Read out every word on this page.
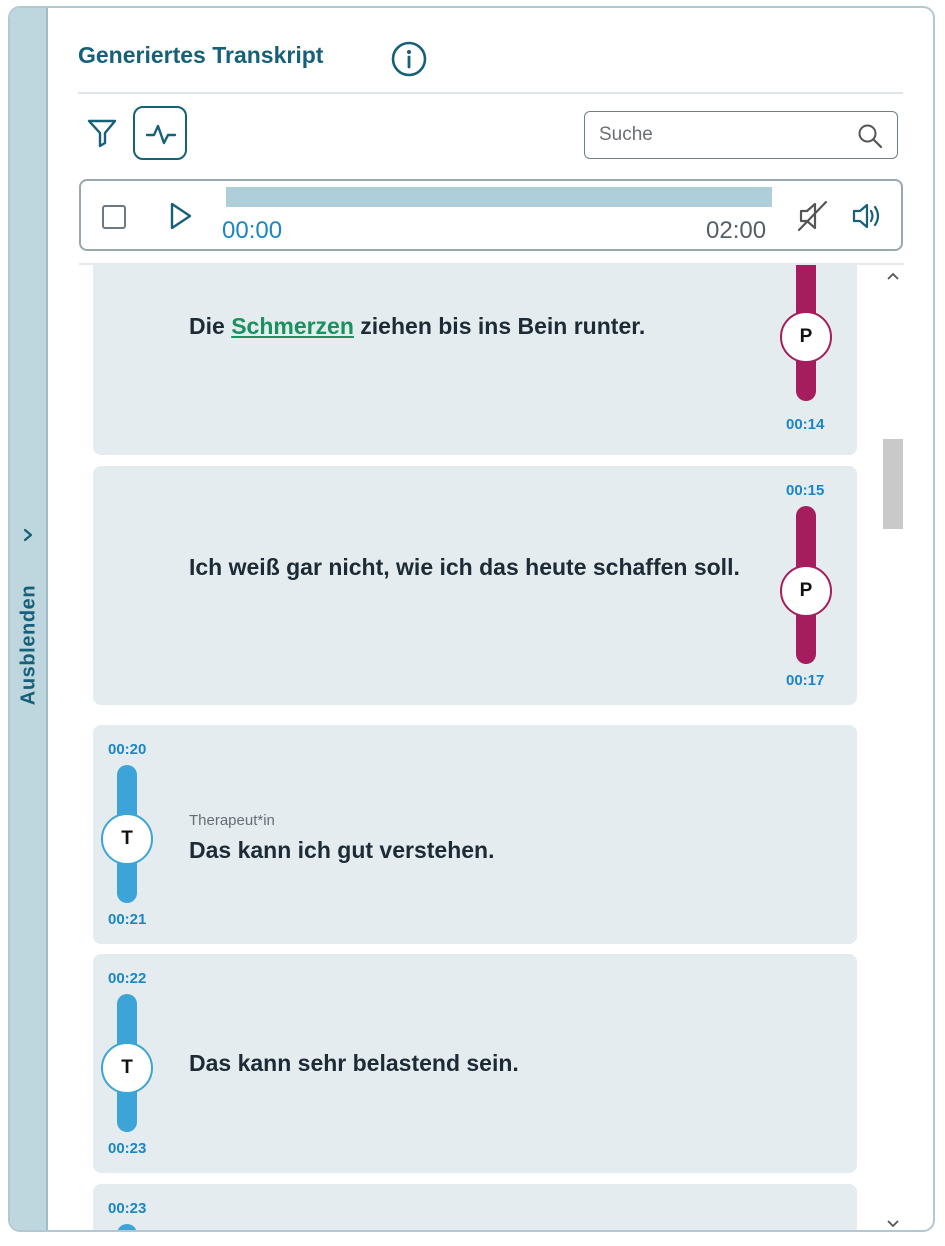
Ausblenden
Generiertes Transkript
Suche
00:00	02:00
Die Schmerzen ziehen bis ins Bein runter.	P
00:14
00:15
Ich weiß gar nicht, wie ich das heute schaffen soll.
P
00:17
00:20
T
00:21
Therapeut*in
Das kann ich gut verstehen.
00:22
T
00:23
Das kann sehr belastend sein.
00:23
